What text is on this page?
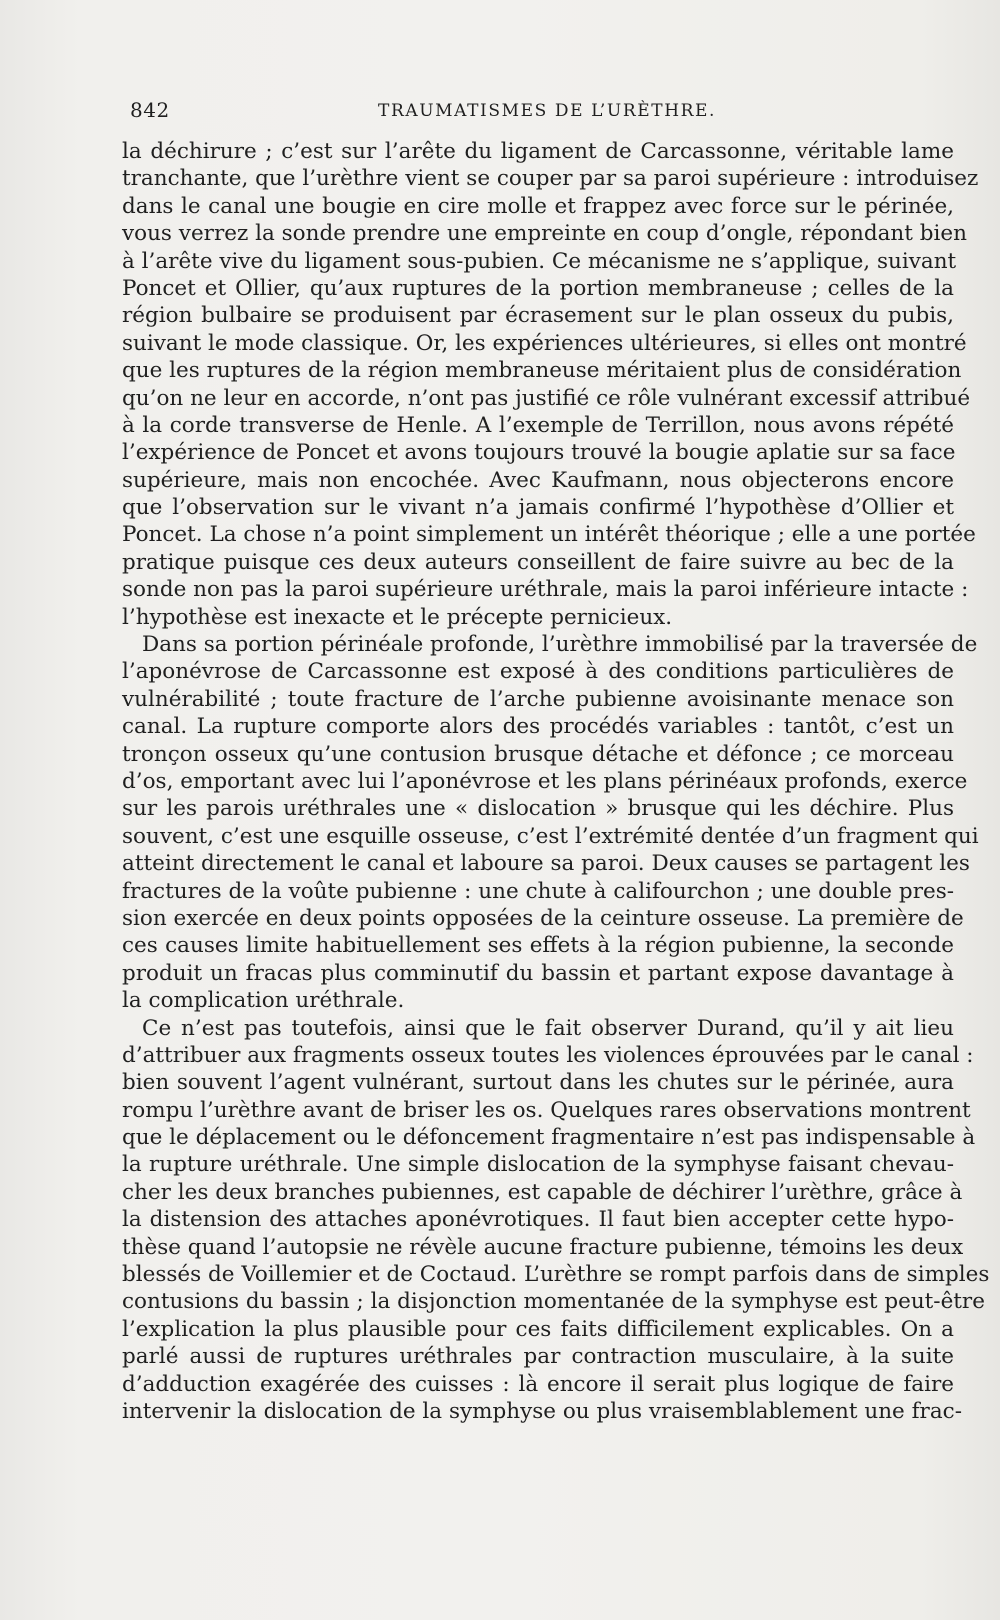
842	TRAUMATISMES DE L’URÈTHRE.
la déchirure ; c’est sur l’arête du ligament de Carcassonne, véritable lame
tranchante, que l’urèthre vient se couper par sa paroi supérieure : introduisez
dans le canal une bougie en cire molle et frappez avec force sur le périnée,
vous verrez la sonde prendre une empreinte en coup d’ongle, répondant bien
à l’arête vive du ligament sous-pubien. Ce mécanisme ne s’applique, suivant
Poncet et Ollier, qu’aux ruptures de la portion membraneuse ; celles de la
région bulbaire se produisent par écrasement sur le plan osseux du pubis,
suivant le mode classique. Or, les expériences ultérieures, si elles ont montré
que les ruptures de la région membraneuse méritaient plus de considération
qu’on ne leur en accorde, n’ont pas justifié ce rôle vulnérant excessif attribué
à la corde transverse de Henle. A l’exemple de Terrillon, nous avons répété
l’expérience de Poncet et avons toujours trouvé la bougie aplatie sur sa face
supérieure, mais non encochée. Avec Kaufmann, nous objecterons encore
que l’observation sur le vivant n’a jamais confirmé l’hypothèse d’Ollier et
Poncet. La chose n’a point simplement un intérêt théorique ; elle a une portée
pratique puisque ces deux auteurs conseillent de faire suivre au bec de la
sonde non pas la paroi supérieure uréthrale, mais la paroi inférieure intacte :
l’hypothèse est inexacte et le précepte pernicieux.
Dans sa portion périnéale profonde, l’urèthre immobilisé par la traversée de
l’aponévrose de Carcassonne est exposé à des conditions particulières de
vulnérabilité ; toute fracture de l’arche pubienne avoisinante menace son
canal. La rupture comporte alors des procédés variables : tantôt, c’est un
tronçon osseux qu’une contusion brusque détache et défonce ; ce morceau
d’os, emportant avec lui l’aponévrose et les plans périnéaux profonds, exerce
sur les parois uréthrales une « dislocation » brusque qui les déchire. Plus
souvent, c’est une esquille osseuse, c’est l’extrémité dentée d’un fragment qui
atteint directement le canal et laboure sa paroi. Deux causes se partagent les
fractures de la voûte pubienne : une chute à califourchon ; une double pres-
sion exercée en deux points opposées de la ceinture osseuse. La première de
ces causes limite habituellement ses effets à la région pubienne, la seconde
produit un fracas plus comminutif du bassin et partant expose davantage à
la complication uréthrale.
Ce n’est pas toutefois, ainsi que le fait observer Durand, qu’il y ait lieu
d’attribuer aux fragments osseux toutes les violences éprouvées par le canal :
bien souvent l’agent vulnérant, surtout dans les chutes sur le périnée, aura
rompu l’urèthre avant de briser les os. Quelques rares observations montrent
que le déplacement ou le défoncement fragmentaire n’est pas indispensable à
la rupture uréthrale. Une simple dislocation de la symphyse faisant chevau-
cher les deux branches pubiennes, est capable de déchirer l’urèthre, grâce à
la distension des attaches aponévrotiques. Il faut bien accepter cette hypo-
thèse quand l’autopsie ne révèle aucune fracture pubienne, témoins les deux
blessés de Voillemier et de Coctaud. L’urèthre se rompt parfois dans de simples
contusions du bassin ; la disjonction momentanée de la symphyse est peut-être
l’explication la plus plausible pour ces faits difficilement explicables. On a
parlé aussi de ruptures uréthrales par contraction musculaire, à la suite
d’adduction exagérée des cuisses : là encore il serait plus logique de faire
intervenir la dislocation de la symphyse ou plus vraisemblablement une frac-
